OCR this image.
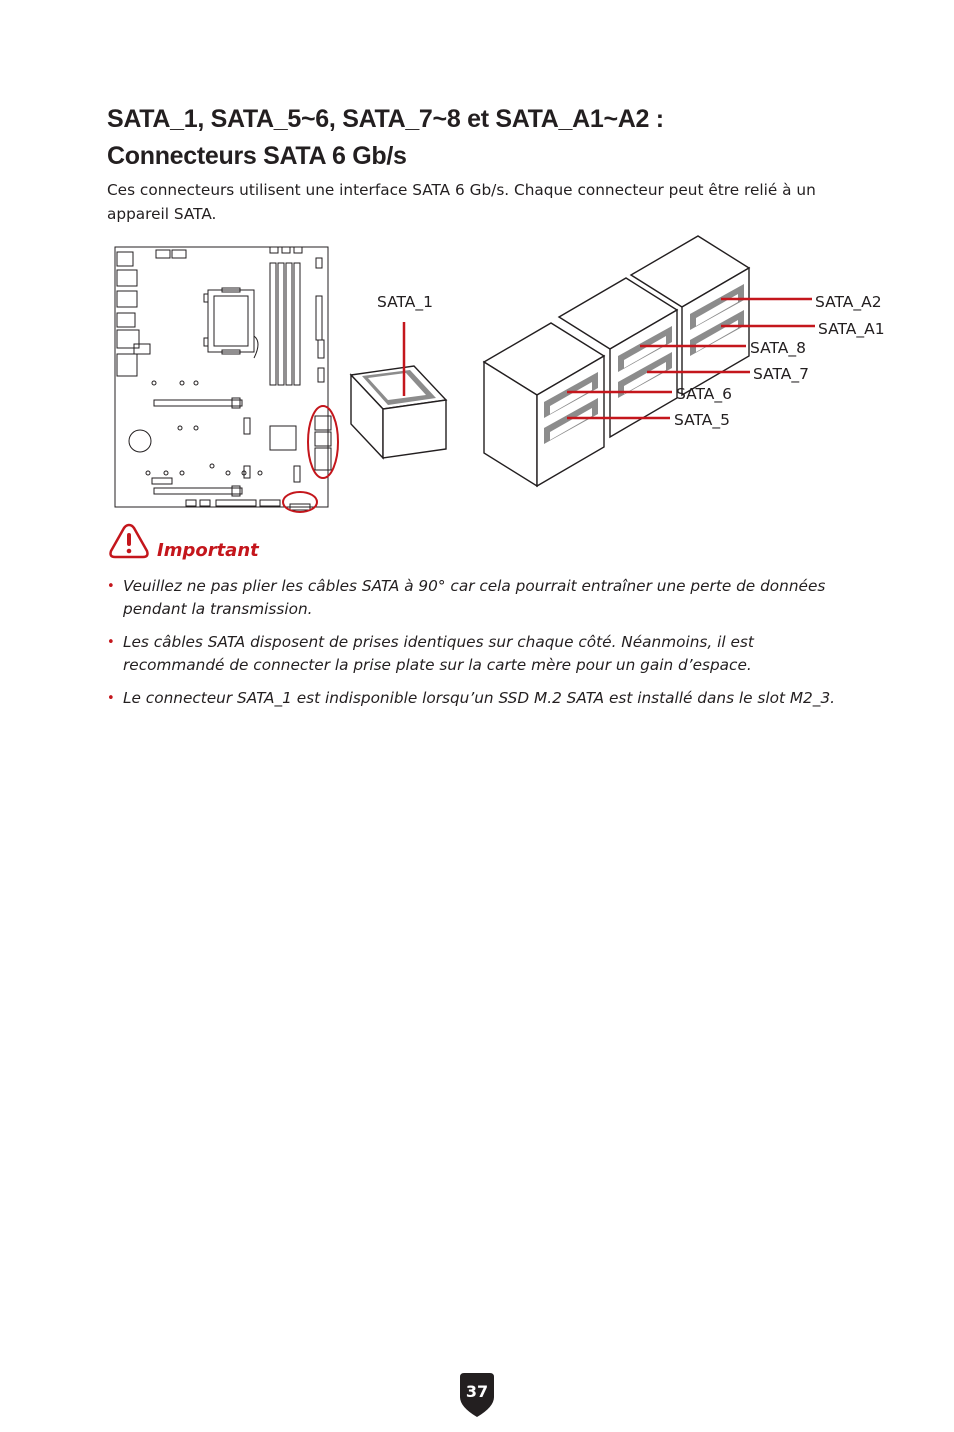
SATA_1, SATA_5~6, SATA_7~8 et SATA_A1~A2 :
Connecteurs SATA 6 Gb/s

Ces connecteurs utilisent une interface SATA 6 Gb/s. Chaque connecteur peut être relié à un appareil SATA.

SATA_1	SATA_A2
SATA_A1
SATA_8
SATA_7
SATA_6
SATA_5
Important
• Veuillez ne pas plier les câbles SATA à 90° car cela pourrait entraîner une perte de données pendant la transmission.
• Les câbles SATA disposent de prises identiques sur chaque côté. Néanmoins, il est recommandé de connecter la prise plate sur la carte mère pour un gain d’espace.
• Le connecteur SATA_1 est indisponible lorsqu’un SSD M.2 SATA est installé dans le slot M2_3.
37
